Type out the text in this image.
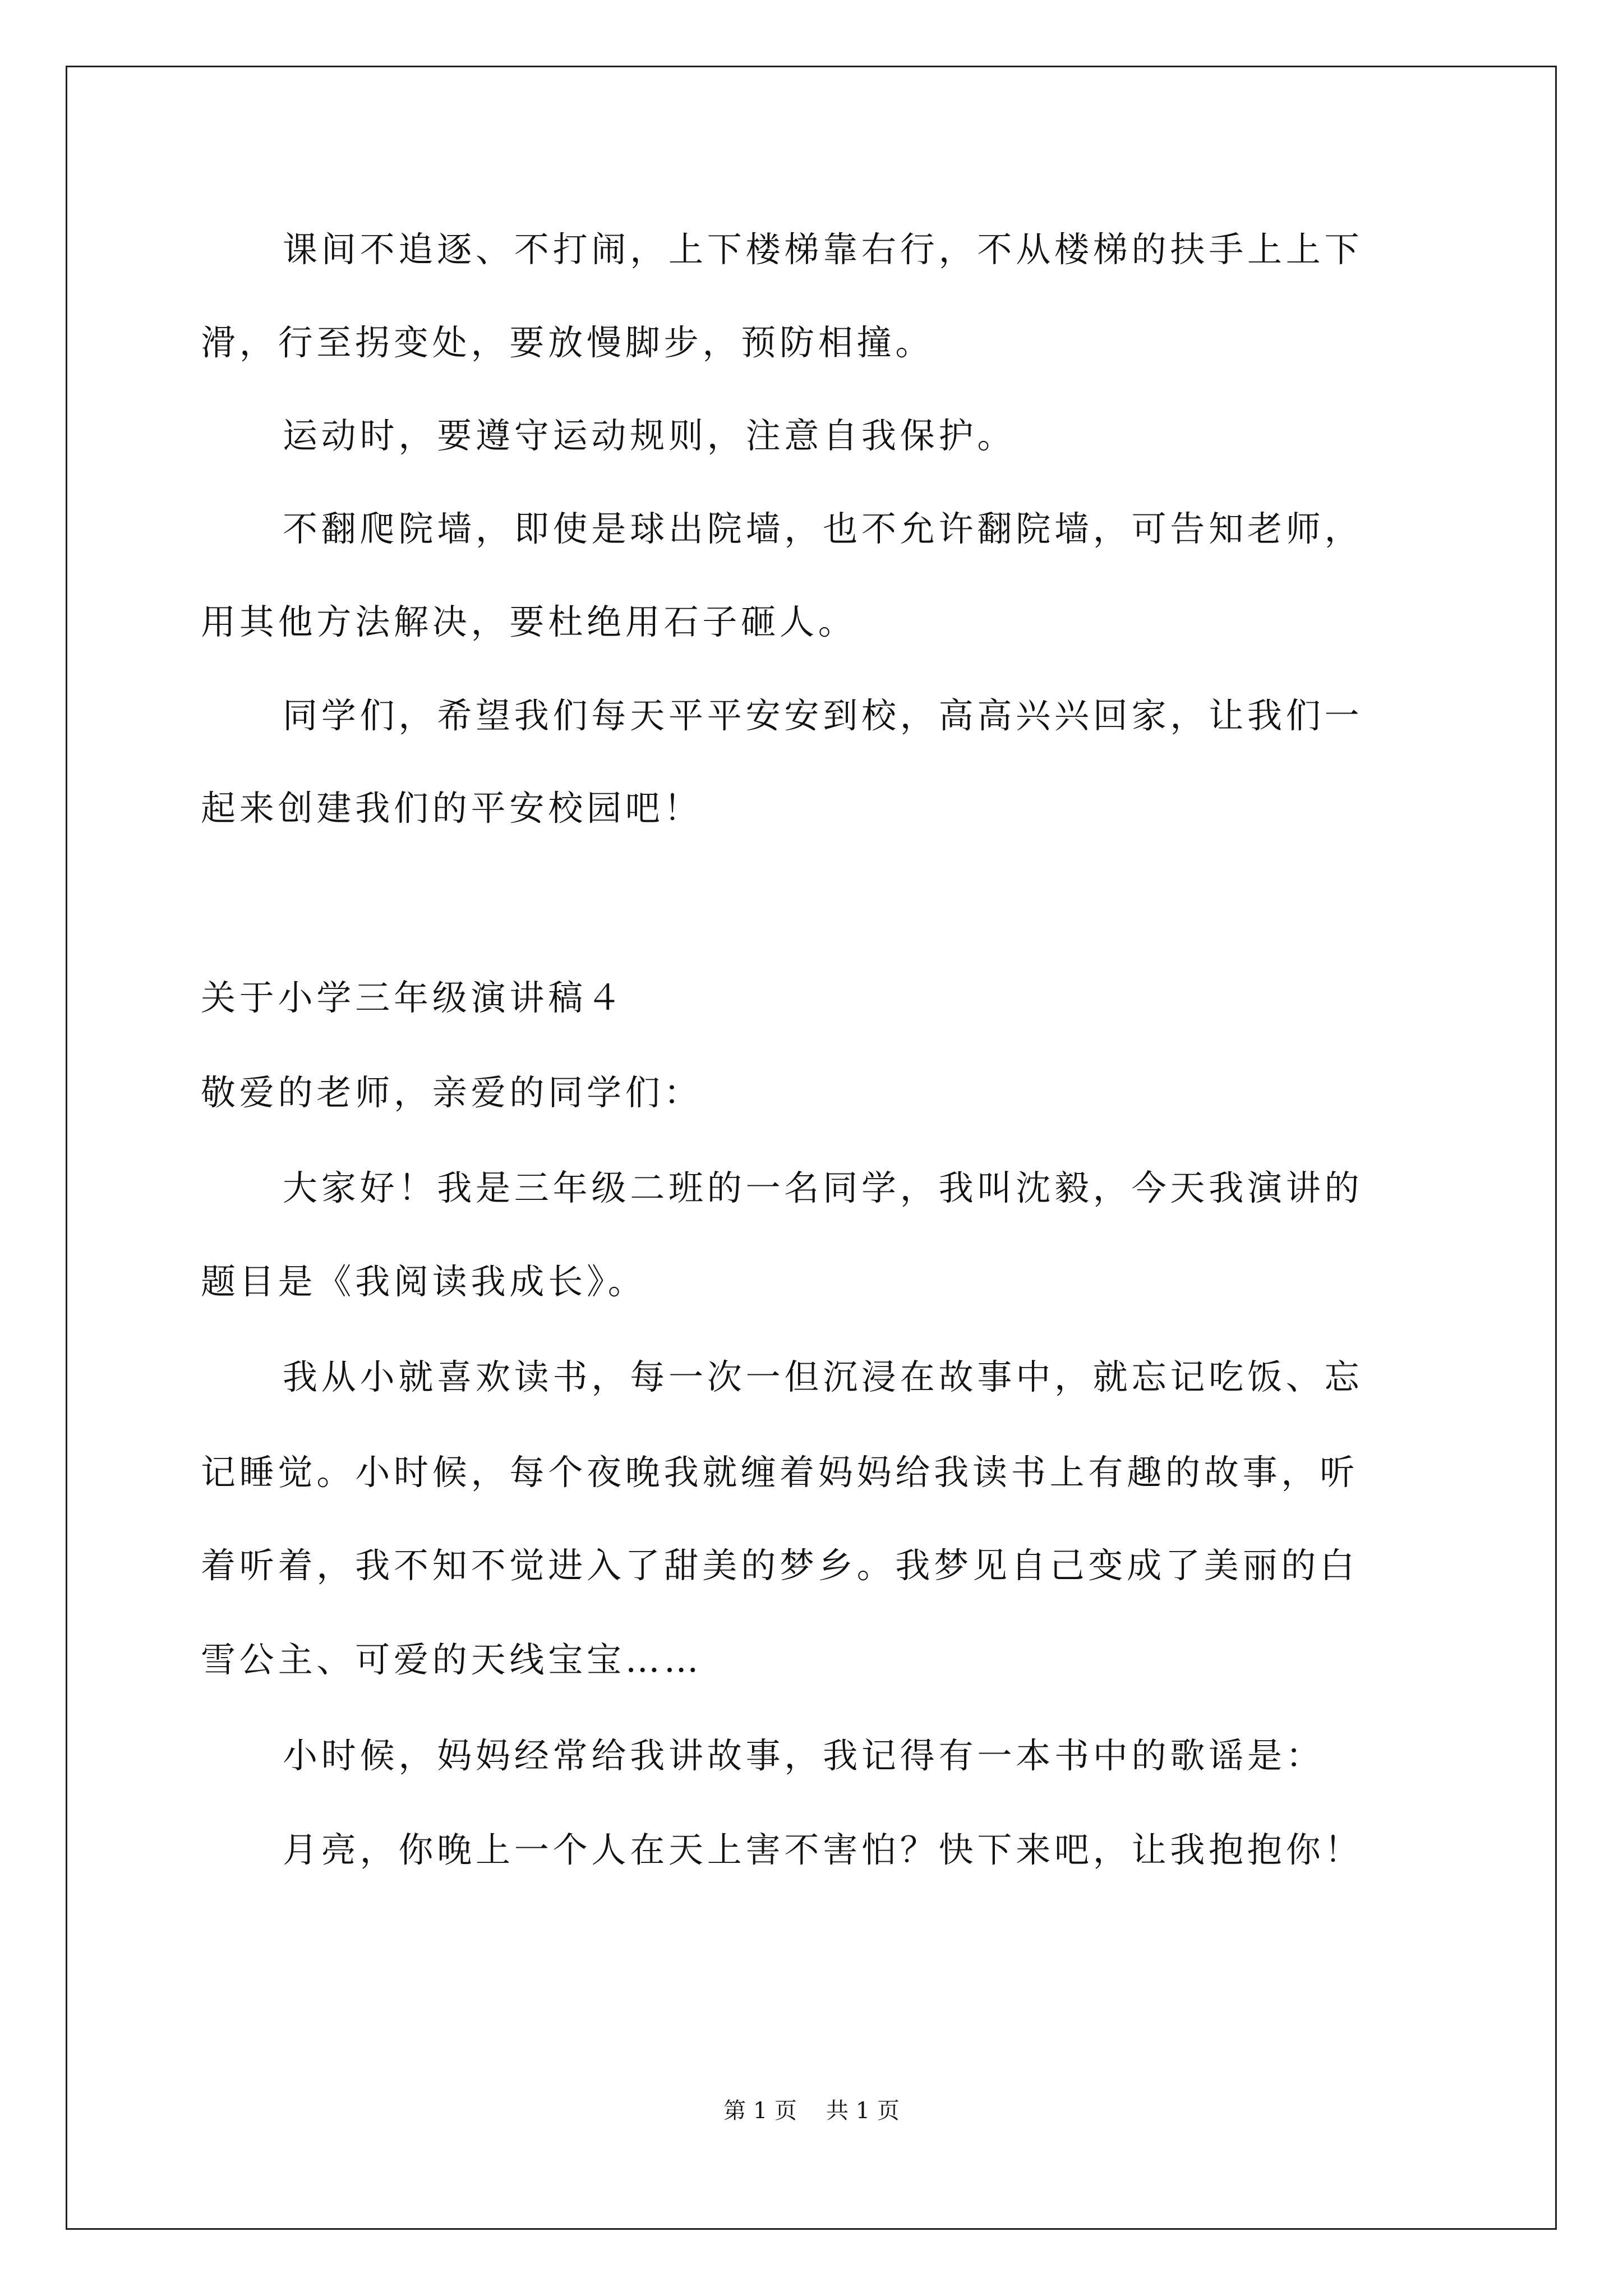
课间不追逐、不打闹，上下楼梯靠右行，不从楼梯的扶手上上下
滑，行至拐变处，要放慢脚步，预防相撞。
运动时，要遵守运动规则，注意自我保护。
不翻爬院墙，即使是球出院墙，也不允许翻院墙，可告知老师，
用其他方法解决，要杜绝用石子砸人。
同学们，希望我们每天平平安安到校，高高兴兴回家，让我们一
起来创建我们的平安校园吧！
关于小学三年级演讲稿４
敬爱的老师，亲爱的同学们：
大家好！我是三年级二班的一名同学，我叫沈毅，今天我演讲的
题目是《我阅读我成长》。
我从小就喜欢读书，每一次一但沉浸在故事中，就忘记吃饭、忘
记睡觉。小时候，每个夜晚我就缠着妈妈给我读书上有趣的故事，听
着听着，我不知不觉进入了甜美的梦乡。我梦见自己变成了美丽的白
雪公主、可爱的天线宝宝……
小时候，妈妈经常给我讲故事，我记得有一本书中的歌谣是：
月亮，你晚上一个人在天上害不害怕？快下来吧，让我抱抱你！
第 1 页 共 1 页
